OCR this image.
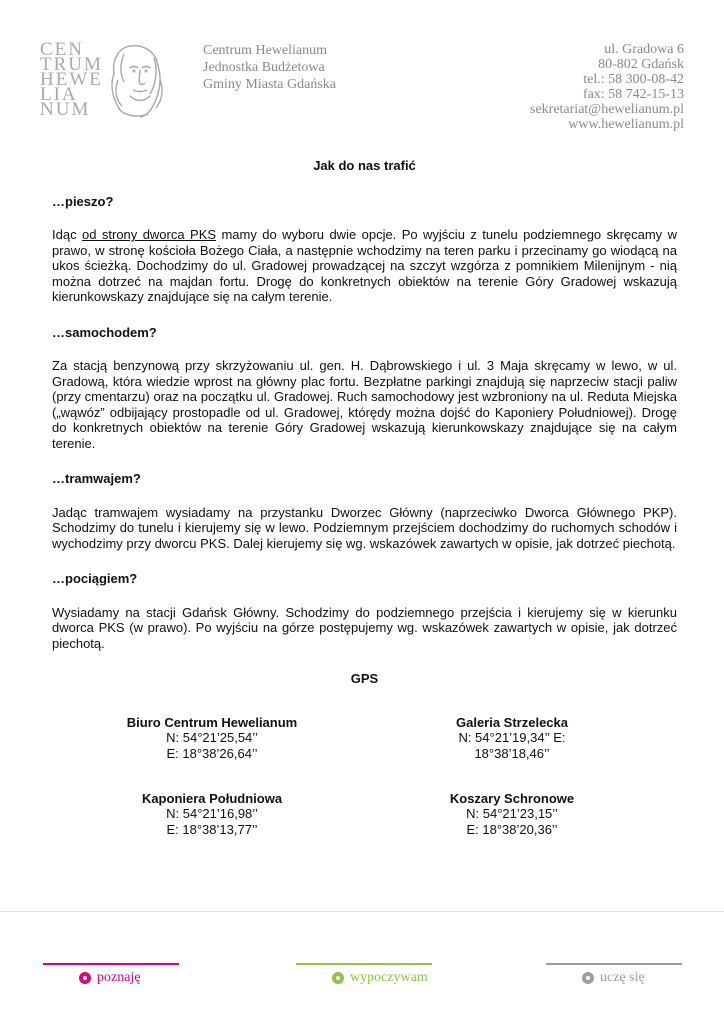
CEN
TRUM
HEWE
LIA
NUM
Centrum Hewelianum
Jednostka Budżetowa
Gminy Miasta Gdańska
ul. Gradowa 6
80-802 Gdańsk
tel.: 58 300-08-42
fax: 58 742-15-13
sekretariat@hewelianum.pl
www.hewelianum.pl
Jak do nas trafić
…pieszo?

Idąc od strony dworca PKS mamy do wyboru dwie opcje. Po wyjściu z tunelu podziemnego skręcamy w prawo, w stronę kościoła Bożego Ciała, a następnie wchodzimy na teren parku i przecinamy go wiodącą na ukos ścieżką. Dochodzimy do ul. Gradowej prowadzącej na szczyt wzgórza z pomnikiem Milenijnym - nią można dotrzeć na majdan fortu. Drogę do konkretnych obiektów na terenie Góry Gradowej wskazują kierunkowskazy znajdujące się na całym terenie.

…samochodem?

Za stacją benzynową przy skrzyżowaniu ul. gen. H. Dąbrowskiego i ul. 3 Maja skręcamy w lewo, w ul. Gradową, która wiedzie wprost na główny plac fortu. Bezpłatne parkingi znajdują się naprzeciw stacji paliw (przy cmentarzu) oraz na początku ul. Gradowej. Ruch samochodowy jest wzbroniony na ul. Reduta Miejska („wąwóz” odbijający prostopadle od ul. Gradowej, którędy można dojść do Kaponiery Południowej). Drogę do konkretnych obiektów na terenie Góry Gradowej wskazują kierunkowskazy znajdujące się na całym terenie.

…tramwajem?

Jadąc tramwajem wysiadamy na przystanku Dworzec Główny (naprzeciwko Dworca Głównego PKP). Schodzimy do tunelu i kierujemy się w lewo. Podziemnym przejściem dochodzimy do ruchomych schodów i wychodzimy przy dworcu PKS. Dalej kierujemy się wg. wskazówek zawartych w opisie, jak dotrzeć piechotą.

…pociągiem?

Wysiadamy na stacji Gdańsk Główny. Schodzimy do podziemnego przejścia i kierujemy się w kierunku dworca PKS (w prawo). Po wyjściu na górze postępujemy wg. wskazówek zawartych w opisie, jak dotrzeć piechotą.

GPS
Biuro Centrum Hewelianum
N: 54°21’25,54’’
E: 18°38’26,64’’
Galeria Strzelecka
N: 54°21’19,34’’ E:
18°38’18,46’’
Kaponiera Południowa
N: 54°21’16,98’’
E: 18°38’13,77’’
Koszary Schronowe
N: 54°21’23,15’’
E: 18°38’20,36’’
poznaję	wypoczywam	uczę się
